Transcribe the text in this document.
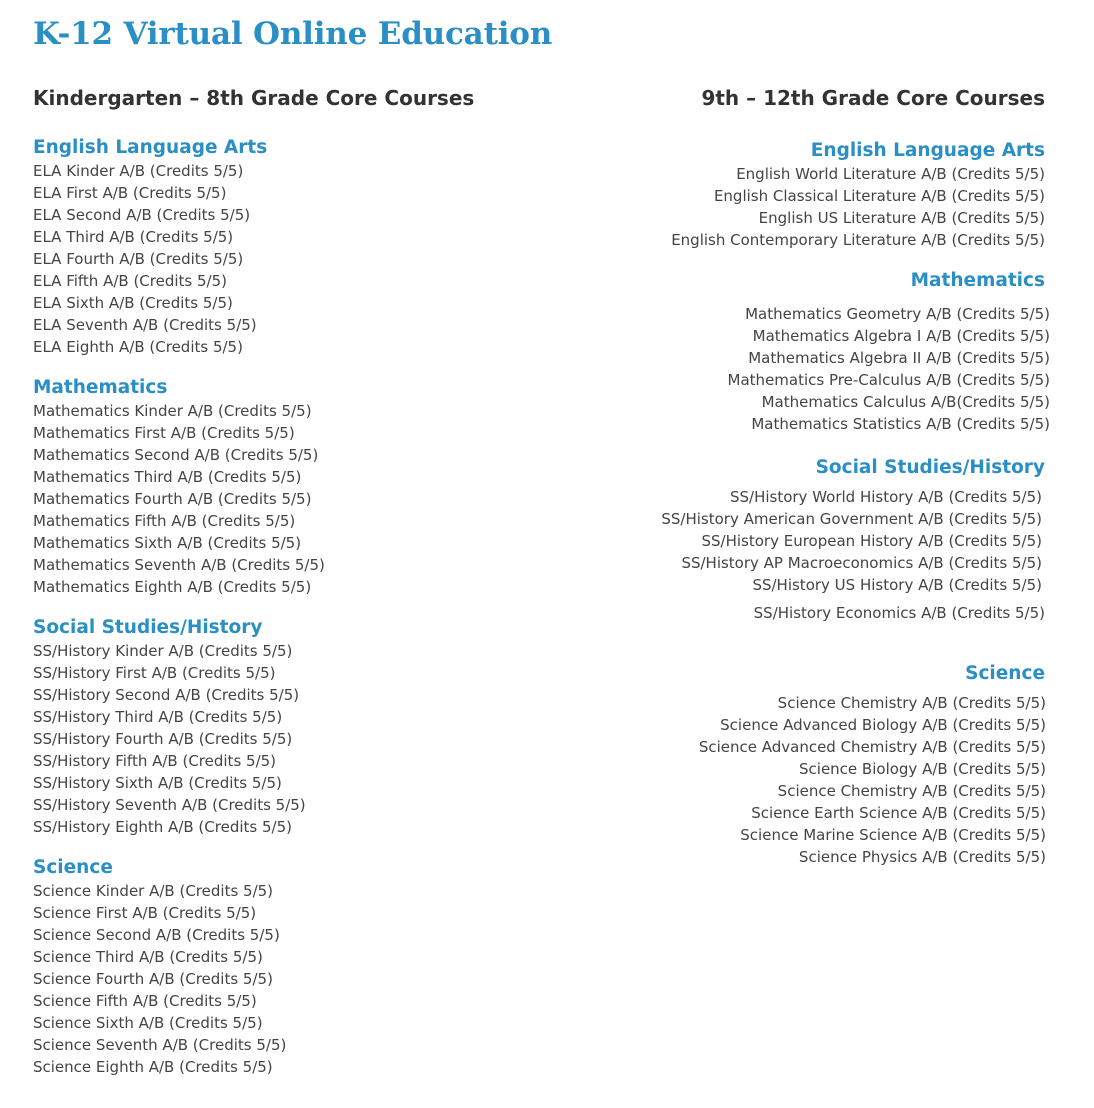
K-12 Virtual Online Education
Kindergarten – 8th Grade Core Courses
English Language Arts
ELA Kinder A/B (Credits 5/5)
ELA First A/B (Credits 5/5)
ELA Second A/B (Credits 5/5)
ELA Third A/B (Credits 5/5)
ELA Fourth A/B (Credits 5/5)
ELA Fifth A/B (Credits 5/5)
ELA Sixth A/B (Credits 5/5)
ELA Seventh A/B (Credits 5/5)
ELA Eighth A/B (Credits 5/5)
Mathematics
Mathematics Kinder A/B (Credits 5/5)
Mathematics First A/B (Credits 5/5)
Mathematics Second A/B (Credits 5/5)
Mathematics Third A/B (Credits 5/5)
Mathematics Fourth A/B (Credits 5/5)
Mathematics Fifth A/B (Credits 5/5)
Mathematics Sixth A/B (Credits 5/5)
Mathematics Seventh A/B (Credits 5/5)
Mathematics Eighth A/B (Credits 5/5)
Social Studies/History
SS/History Kinder A/B (Credits 5/5)
SS/History First A/B (Credits 5/5)
SS/History Second A/B (Credits 5/5)
SS/History Third A/B (Credits 5/5)
SS/History Fourth A/B (Credits 5/5)
SS/History Fifth A/B (Credits 5/5)
SS/History Sixth A/B (Credits 5/5)
SS/History Seventh A/B (Credits 5/5)
SS/History Eighth A/B (Credits 5/5)
Science
Science Kinder A/B (Credits 5/5)
Science First A/B (Credits 5/5)
Science Second A/B (Credits 5/5)
Science Third A/B (Credits 5/5)
Science Fourth A/B (Credits 5/5)
Science Fifth A/B (Credits 5/5)
Science Sixth A/B (Credits 5/5)
Science Seventh A/B (Credits 5/5)
Science Eighth A/B (Credits 5/5)
9th – 12th Grade Core Courses
English Language Arts
English World Literature A/B (Credits 5/5)
English Classical Literature A/B (Credits 5/5)
English US Literature A/B (Credits 5/5)
English Contemporary Literature A/B (Credits 5/5)
Mathematics
Mathematics Geometry A/B (Credits 5/5)
Mathematics Algebra I A/B (Credits 5/5)
Mathematics Algebra II A/B (Credits 5/5)
Mathematics Pre-Calculus A/B (Credits 5/5)
Mathematics Calculus A/B(Credits 5/5)
Mathematics Statistics A/B (Credits 5/5)
Social Studies/History
SS/History World History A/B (Credits 5/5)
SS/History American Government A/B (Credits 5/5)
SS/History European History A/B (Credits 5/5)
SS/History AP Macroeconomics A/B (Credits 5/5)
SS/History US History A/B (Credits 5/5)
SS/History Economics A/B (Credits 5/5)
Science
Science Chemistry A/B (Credits 5/5)
Science Advanced Biology A/B (Credits 5/5)
Science Advanced Chemistry A/B (Credits 5/5)
Science Biology A/B (Credits 5/5)
Science Chemistry A/B (Credits 5/5)
Science Earth Science A/B (Credits 5/5)
Science Marine Science A/B (Credits 5/5)
Science Physics A/B (Credits 5/5)
